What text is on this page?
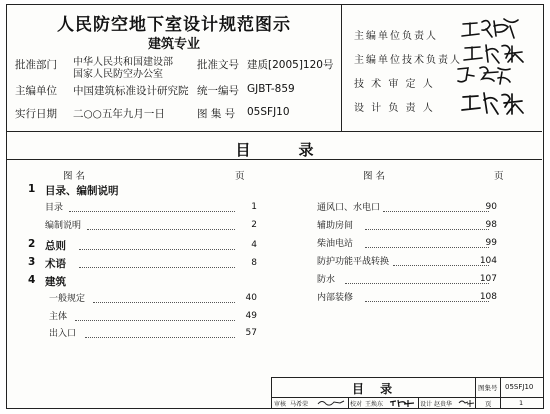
人民防空地下室设计规范图示
建筑专业
批准部门 中华人民共和国建设部
国家人民防空办公室
批准文号 建质[2005]120号
主编单位 中国建筑标准设计研究院 统一编号 GJBT-859
实行日期 二○○五年九月一日	图 集 号 05SFJ10
主编单位负责人
主编单位技术负责人
技 术 审 定 人
设 计 负 责 人
目录
图 名	页	图 名	页
1 目录、编制说明
目录	1
编制说明	2
2 总则	4
3 术语	8
4 建筑
一般规定	40
主体	49
出入口	57
通风口、水电口	90
辅助房间	98
柴油电站	99
防护功能平战转换	104
防水	107
内部装修	108
目 录	图集号 05SFJ10
审核 马希荣	校对 王焕东	设计 赵贵华	页	1
